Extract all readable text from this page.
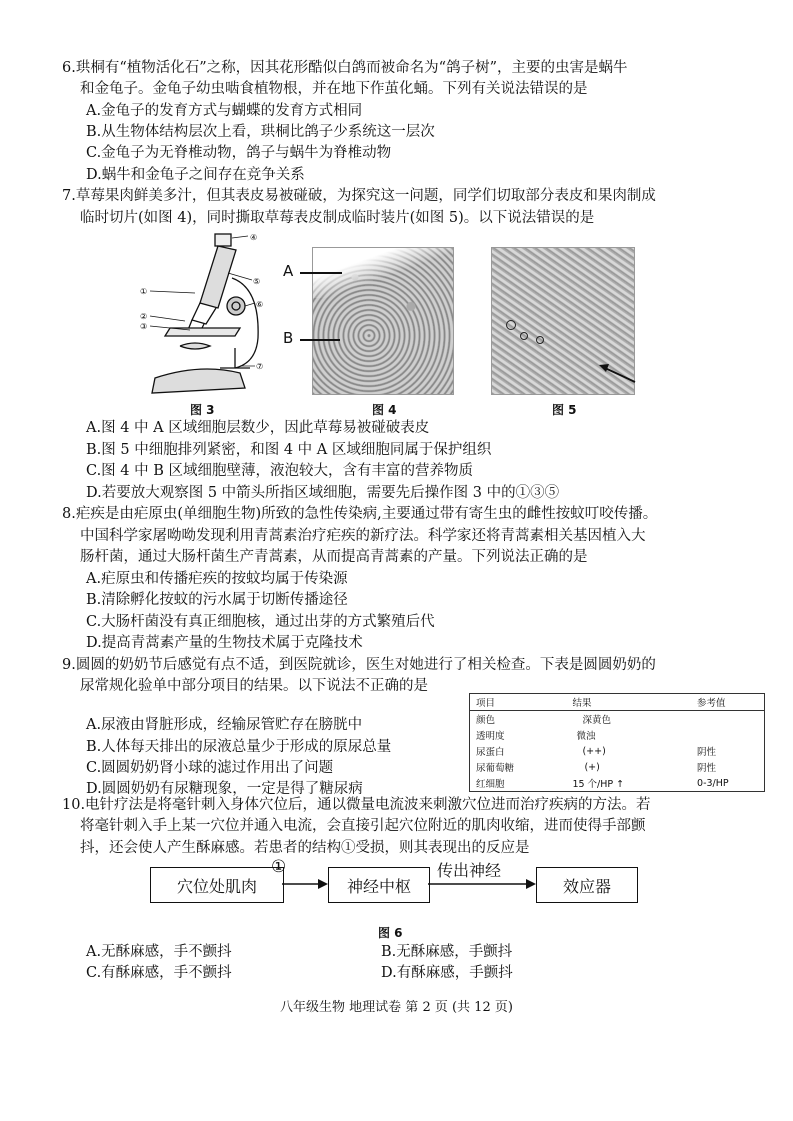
6.珙桐有“植物活化石”之称，因其花形酷似白鸽而被命名为“鸽子树”，主要的虫害是蜗牛
和金龟子。金龟子幼虫啮食植物根，并在地下作茧化蛹。下列有关说法错误的是
A.金龟子的发育方式与蝴蝶的发育方式相同
B.从生物体结构层次上看，珙桐比鸽子少系统这一层次
C.金龟子为无脊椎动物，鸽子与蜗牛为脊椎动物
D.蜗牛和金龟子之间存在竞争关系
7.草莓果肉鲜美多汁，但其表皮易被碰破，为探究这一问题，同学们切取部分表皮和果肉制成
临时切片(如图 4)，同时撕取草莓表皮制成临时装片(如图 5)。以下说法错误的是
④
⑤
①
⑥
②
③
⑦
图 3
A
B
图 4	图 5
A.图 4 中 A 区域细胞层数少，因此草莓易被碰破表皮
B.图 5 中细胞排列紧密，和图 4 中 A 区域细胞同属于保护组织
C.图 4 中 B 区域细胞壁薄，液泡较大，含有丰富的营养物质
D.若要放大观察图 5 中箭头所指区域细胞，需要先后操作图 3 中的①③⑤
8.疟疾是由疟原虫(单细胞生物)所致的急性传染病,主要通过带有寄生虫的雌性按蚊叮咬传播。
中国科学家屠呦呦发现利用青蒿素治疗疟疾的新疗法。科学家还将青蒿素相关基因植入大
肠杆菌，通过大肠杆菌生产青蒿素，从而提高青蒿素的产量。下列说法正确的是
A.疟原虫和传播疟疾的按蚊均属于传染源
B.清除孵化按蚊的污水属于切断传播途径
C.大肠杆菌没有真正细胞核，通过出芽的方式繁殖后代
D.提高青蒿素产量的生物技术属于克隆技术
9.圆圆的奶奶节后感觉有点不适，到医院就诊，医生对她进行了相关检查。下表是圆圆奶奶的
尿常规化验单中部分项目的结果。以下说法不正确的是
项目	结果	参考值
颜色	深黄色	
透明度	微浊	
尿蛋白	(++)	阴性
尿葡萄糖	(+)	阴性
红细胞	15 个/HP ↑	0-3/HP
A.尿液由肾脏形成，经输尿管贮存在膀胱中
B.人体每天排出的尿液总量少于形成的原尿总量
C.圆圆奶奶肾小球的滤过作用出了问题
D.圆圆奶奶有尿糖现象，一定是得了糖尿病
10.电针疗法是将毫针刺入身体穴位后，通以微量电流波来刺激穴位进而治疗疾病的方法。若
将毫针刺入手上某一穴位并通入电流，会直接引起穴位附近的肌肉收缩，进而使得手部颤
抖，还会使人产生酥麻感。若患者的结构①受损，则其表现出的反应是
穴位处肌肉
①
神经中枢
传出神经
效应器
图 6
A.无酥麻感，手不颤抖	B.无酥麻感，手颤抖
C.有酥麻感，手不颤抖	D.有酥麻感，手颤抖
八年级生物 地理试卷 第 2 页 (共 12 页)
